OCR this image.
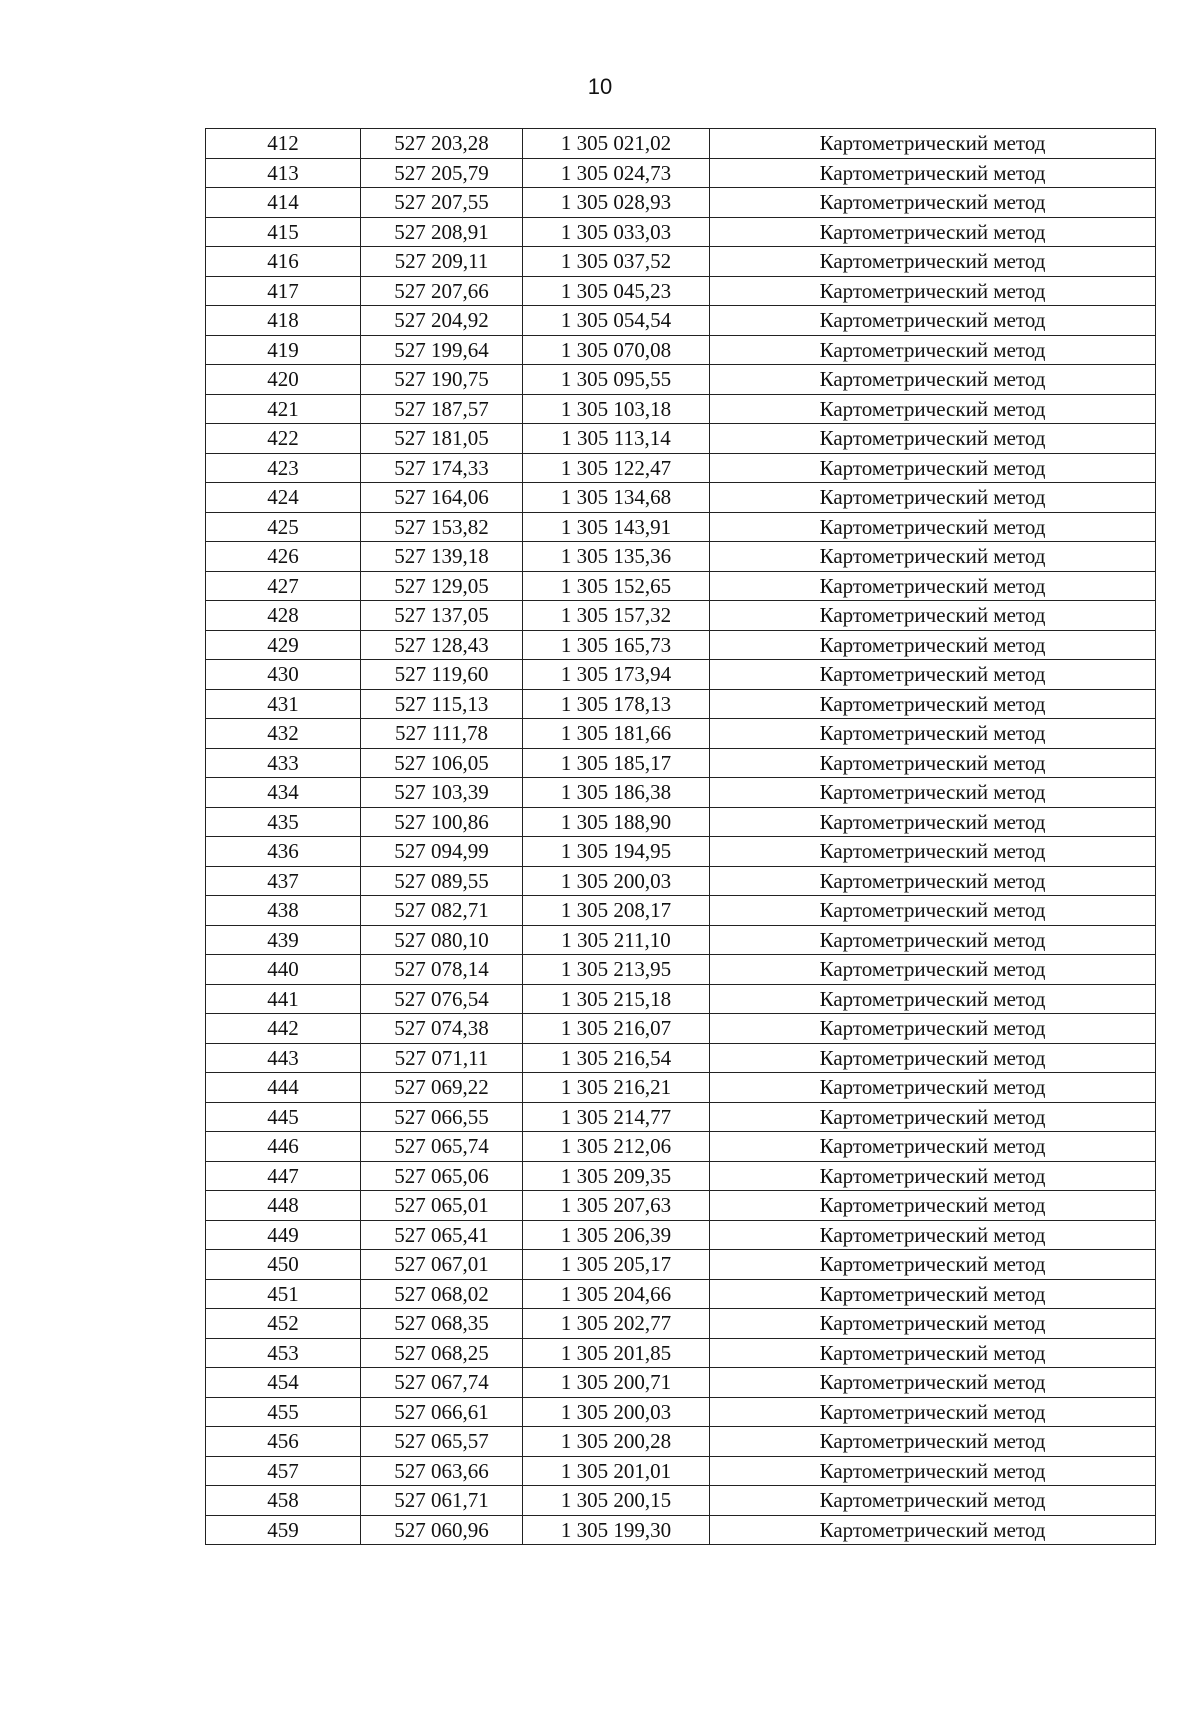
10
412	527 203,28	1 305 021,02	Картометрический метод
413	527 205,79	1 305 024,73	Картометрический метод
414	527 207,55	1 305 028,93	Картометрический метод
415	527 208,91	1 305 033,03	Картометрический метод
416	527 209,11	1 305 037,52	Картометрический метод
417	527 207,66	1 305 045,23	Картометрический метод
418	527 204,92	1 305 054,54	Картометрический метод
419	527 199,64	1 305 070,08	Картометрический метод
420	527 190,75	1 305 095,55	Картометрический метод
421	527 187,57	1 305 103,18	Картометрический метод
422	527 181,05	1 305 113,14	Картометрический метод
423	527 174,33	1 305 122,47	Картометрический метод
424	527 164,06	1 305 134,68	Картометрический метод
425	527 153,82	1 305 143,91	Картометрический метод
426	527 139,18	1 305 135,36	Картометрический метод
427	527 129,05	1 305 152,65	Картометрический метод
428	527 137,05	1 305 157,32	Картометрический метод
429	527 128,43	1 305 165,73	Картометрический метод
430	527 119,60	1 305 173,94	Картометрический метод
431	527 115,13	1 305 178,13	Картометрический метод
432	527 111,78	1 305 181,66	Картометрический метод
433	527 106,05	1 305 185,17	Картометрический метод
434	527 103,39	1 305 186,38	Картометрический метод
435	527 100,86	1 305 188,90	Картометрический метод
436	527 094,99	1 305 194,95	Картометрический метод
437	527 089,55	1 305 200,03	Картометрический метод
438	527 082,71	1 305 208,17	Картометрический метод
439	527 080,10	1 305 211,10	Картометрический метод
440	527 078,14	1 305 213,95	Картометрический метод
441	527 076,54	1 305 215,18	Картометрический метод
442	527 074,38	1 305 216,07	Картометрический метод
443	527 071,11	1 305 216,54	Картометрический метод
444	527 069,22	1 305 216,21	Картометрический метод
445	527 066,55	1 305 214,77	Картометрический метод
446	527 065,74	1 305 212,06	Картометрический метод
447	527 065,06	1 305 209,35	Картометрический метод
448	527 065,01	1 305 207,63	Картометрический метод
449	527 065,41	1 305 206,39	Картометрический метод
450	527 067,01	1 305 205,17	Картометрический метод
451	527 068,02	1 305 204,66	Картометрический метод
452	527 068,35	1 305 202,77	Картометрический метод
453	527 068,25	1 305 201,85	Картометрический метод
454	527 067,74	1 305 200,71	Картометрический метод
455	527 066,61	1 305 200,03	Картометрический метод
456	527 065,57	1 305 200,28	Картометрический метод
457	527 063,66	1 305 201,01	Картометрический метод
458	527 061,71	1 305 200,15	Картометрический метод
459	527 060,96	1 305 199,30	Картометрический метод
